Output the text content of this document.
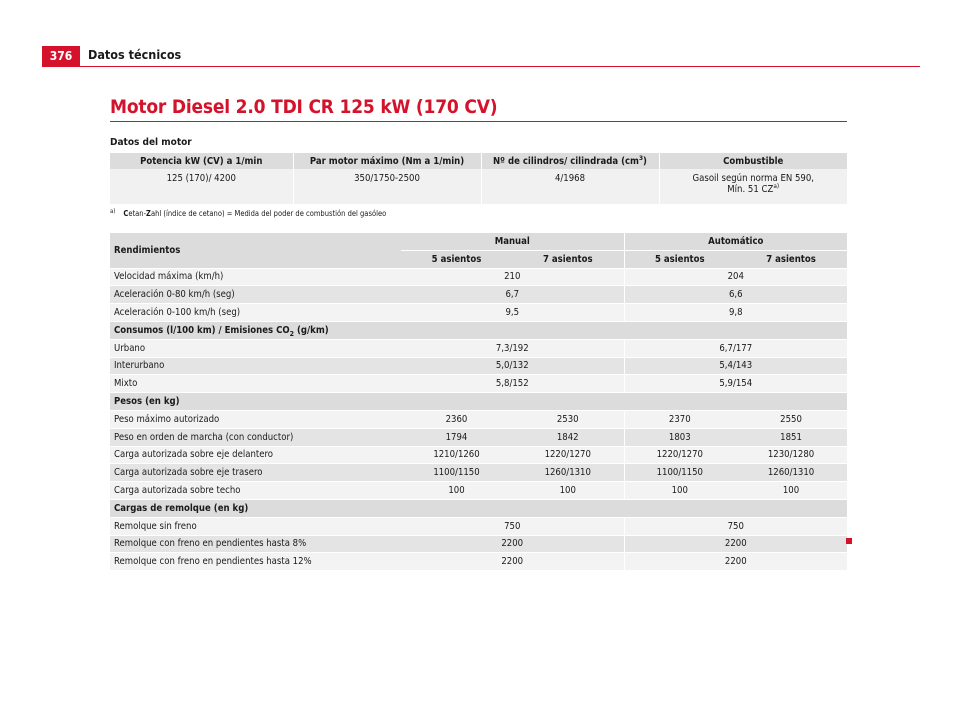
376	Datos técnicos
Motor Diesel 2.0 TDI CR 125 kW (170 CV)
Datos del motor
Potencia kW (CV) a 1/min	Par motor máximo (Nm a 1/min)	Nº de cilindros/ cilindrada $(cm^3)$	Combustible
125 (170)/ 4200	350/1750-2500	4/1968	Gasoil según norma EN 590,
Mín. 51 CZ$^{a)}$
$^{a)}$ Cetan-Zahl (índice de cetano) = Medida del poder de combustión del gasóleo
Rendimientos	Manual		Automático	
	5 asientos	7 asientos	5 asientos	7 asientos
Velocidad máxima (km/h)	210		204	
Aceleración 0-80 km/h (seg)	6,7		6,6	
Aceleración 0-100 km/h (seg)	9,5		9,8	
Consumos (l/100 km) / Emisiones $CO_2$ (g/km)				
Urbano	7,3/192		6,7/177	
Interurbano	5,0/132		5,4/143	
Mixto	5,8/152		5,9/154	
Pesos (en kg)				
Peso máximo autorizado	2360	2530	2370	2550
Peso en orden de marcha (con conductor)	1794	1842	1803	1851
Carga autorizada sobre eje delantero	1210/1260	1220/1270	1220/1270	1230/1280
Carga autorizada sobre eje trasero	1100/1150	1260/1310	1100/1150	1260/1310
Carga autorizada sobre techo	100	100	100	100
Cargas de remolque (en kg)				
Remolque sin freno	750		750	
Remolque con freno en pendientes hasta 8%	2200		2200	
Remolque con freno en pendientes hasta 12%	2200		2200	
